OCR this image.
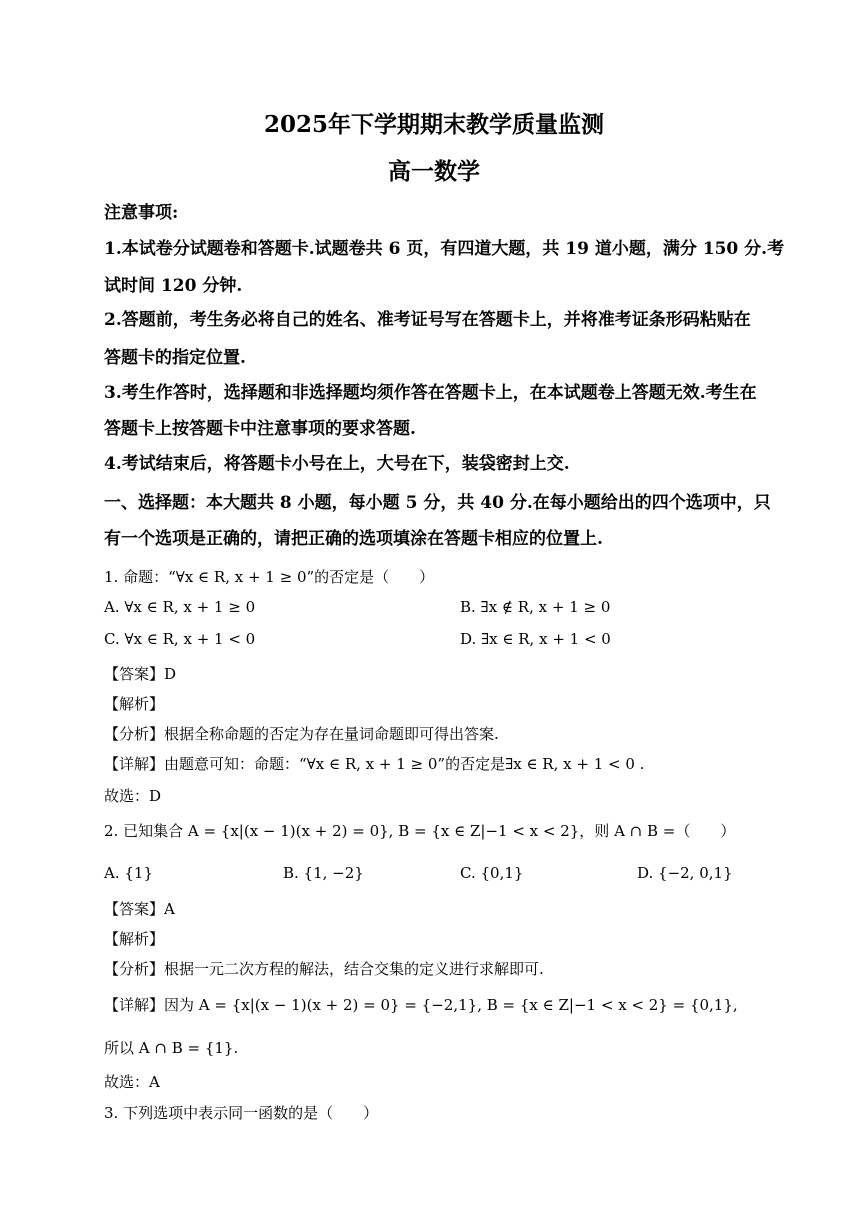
2025年下学期期末教学质量监测
高一数学
注意事项:
1.本试卷分试题卷和答题卡.试题卷共 6 页，有四道大题，共 19 道小题，满分 150 分.考
试时间 120 分钟.
2.答题前，考生务必将自己的姓名、准考证号写在答题卡上，并将准考证条形码粘贴在
答题卡的指定位置.
3.考生作答时，选择题和非选择题均须作答在答题卡上，在本试题卷上答题无效.考生在
答题卡上按答题卡中注意事项的要求答题.
4.考试结束后，将答题卡小号在上，大号在下，装袋密封上交.
一、选择题：本大题共 8 小题，每小题 5 分，共 40 分.在每小题给出的四个选项中，只
有一个选项是正确的，请把正确的选项填涂在答题卡相应的位置上.
1. 命题：“∀x ∈ R, x + 1 ≥ 0”的否定是（　　）
A. ∀x ∈ R, x + 1 ≥ 0	B. ∃x ∉ R, x + 1 ≥ 0
C. ∀x ∈ R, x + 1 < 0	D. ∃x ∈ R, x + 1 < 0
【答案】D
【解析】
【分析】根据全称命题的否定为存在量词命题即可得出答案.
【详解】由题意可知：命题：“∀x ∈ R, x + 1 ≥ 0”的否定是∃x ∈ R, x + 1 < 0 .
故选：D
2. 已知集合 A = {x|(x − 1)(x + 2) = 0}, B = {x ∈ Z|−1 < x < 2}，则 A ∩ B =（　　）
A. {1}	B. {1, −2}	C. {0,1}	D. {−2, 0,1}
【答案】A
【解析】
【分析】根据一元二次方程的解法，结合交集的定义进行求解即可.
【详解】因为 A = {x|(x − 1)(x + 2) = 0} = {−2,1}, B = {x ∈ Z|−1 < x < 2} = {0,1},
所以 A ∩ B = {1}.
故选：A
3. 下列选项中表示同一函数的是（　　）
